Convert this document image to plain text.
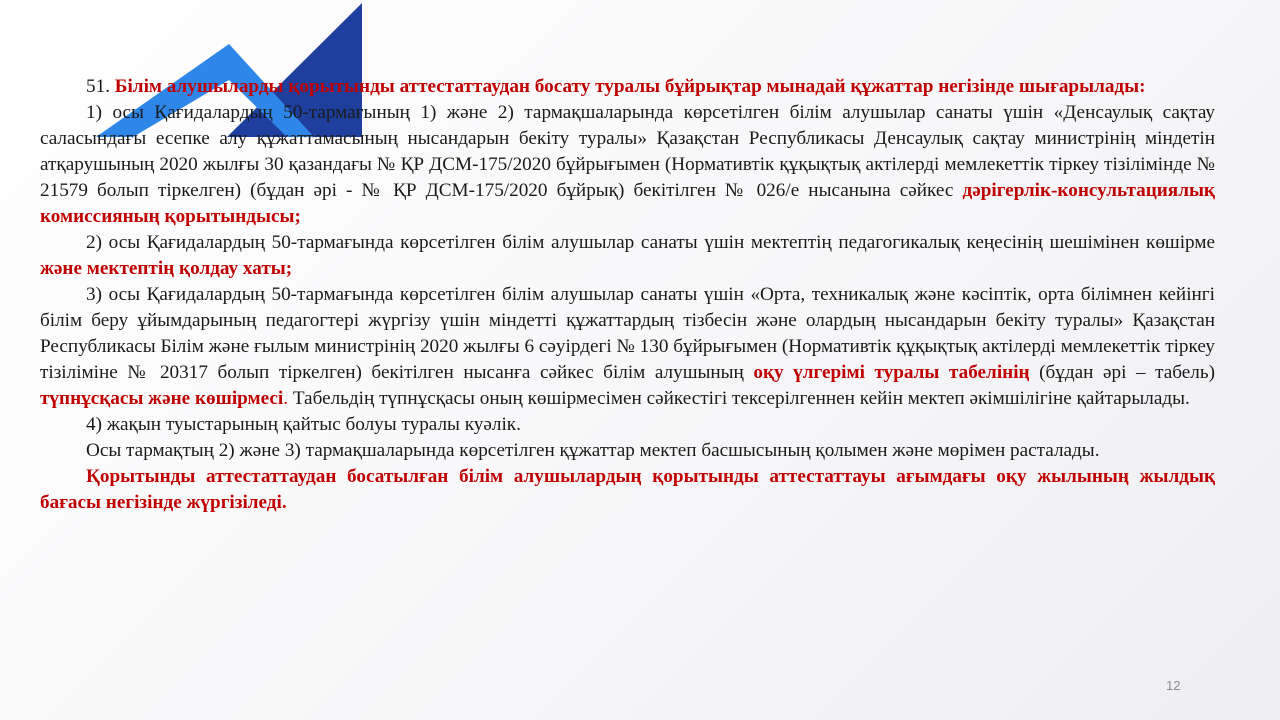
51. Білім алушыларды қорытынды аттестаттаудан босату туралы бұйрықтар мынадай құжаттар негізінде шығарылады:

1) осы Қағидалардың 50-тармағының 1) және 2) тармақшаларында көрсетілген білім алушылар санаты үшін «Денсаулық сақтау саласындағы есепке алу құжаттамасының нысандарын бекіту туралы» Қазақстан Республикасы Денсаулық сақтау министрінің міндетін атқарушының 2020 жылғы 30 қазандағы № ҚР ДСМ-175/2020 бұйрығымен (Нормативтік құқықтық актілерді мемлекеттік тіркеу тізілімінде № 21579 болып тіркелген) (бұдан әрі - № ҚР ДСМ-175/2020 бұйрық) бекітілген № 026/е нысанына сәйкес дәрігерлік-консультациялық комиссияның қорытындысы;

2) осы Қағидалардың 50-тармағында көрсетілген білім алушылар санаты үшін мектептің педагогикалық кеңесінің шешімінен көшірме және мектептің қолдау хаты;

3) осы Қағидалардың 50-тармағында көрсетілген білім алушылар санаты үшін «Орта, техникалық және кәсіптік, орта білімнен кейінгі білім беру ұйымдарының педагогтері жүргізу үшін міндетті құжаттардың тізбесін және олардың нысандарын бекіту туралы» Қазақстан Республикасы Білім және ғылым министрінің 2020 жылғы 6 сәуірдегі № 130 бұйрығымен (Нормативтік құқықтық актілерді мемлекеттік тіркеу тізіліміне № 20317 болып тіркелген) бекітілген нысанға сәйкес білім алушының оқу үлгерімі туралы табелінің (бұдан әрі – табель) түпнұсқасы және көшірмесі. Табельдің түпнұсқасы оның көшірмесімен сәйкестігі тексерілгеннен кейін мектеп әкімшілігіне қайтарылады.

4) жақын туыстарының қайтыс болуы туралы куәлік.

Осы тармақтың 2) және 3) тармақшаларында көрсетілген құжаттар мектеп басшысының қолымен және мөрімен расталады.

Қорытынды аттестаттаудан босатылған білім алушылардың қорытынды аттестаттауы ағымдағы оқу жылының жылдық бағасы негізінде жүргізіледі.

12
